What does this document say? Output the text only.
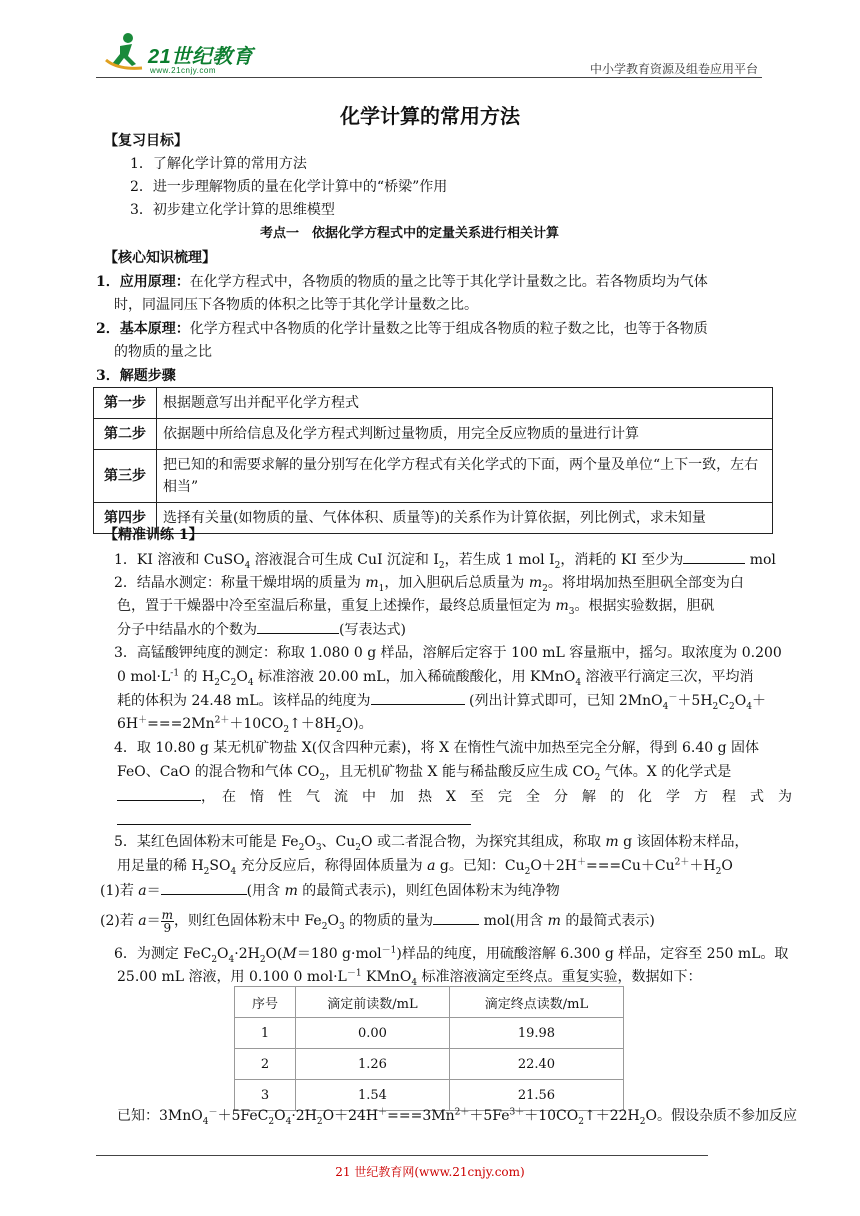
21世纪教育
www.21cnjy.com	中小学教育资源及组卷应用平台
化学计算的常用方法
【复习目标】
1．了解化学计算的常用方法
2．进一步理解物质的量在化学计算中的“桥梁”作用
3．初步建立化学计算的思维模型
考点一　依据化学方程式中的定量关系进行相关计算
【核心知识梳理】
1．应用原理：在化学方程式中，各物质的物质的量之比等于其化学计量数之比。若各物质均为气体
时，同温同压下各物质的体积之比等于其化学计量数之比。
2．基本原理：化学方程式中各物质的化学计量数之比等于组成各物质的粒子数之比，也等于各物质
的物质的量之比
3．解题步骤
第一步	根据题意写出并配平化学方程式
第二步	依据题中所给信息及化学方程式判断过量物质，用完全反应物质的量进行计算
第三步	把已知的和需要求解的量分别写在化学方程式有关化学式的下面，两个量及单位“上下一致，左右相当”
第四步	选择有关量(如物质的量、气体体积、质量等)的关系作为计算依据，列比例式，求未知量
【精准训练 1】
1．KI 溶液和 CuSO$_4$ 溶液混合可生成 CuI 沉淀和 $I_2$，若生成 1 mol $I_2$，消耗的 KI 至少为	mol
2．结晶水测定：称量干燥坩埚的质量为 $m_1$，加入胆矾后总质量为 $m_2$。将坩埚加热至胆矾全部变为白
色，置于干燥器中冷至室温后称量，重复上述操作，最终总质量恒定为 $m_3$。根据实验数据，胆矾
分子中结晶水的个数为	(写表达式)
3．高锰酸钾纯度的测定：称取 1.080 0 g 样品，溶解后定容于 100 mL 容量瓶中，摇匀。取浓度为 0.200
0 $mol\cdot L^{-1}$ 的 $H_2C_2O_4$ 标准溶液 20.00 mL，加入稀硫酸酸化，用 KMnO$_4$ 溶液平行滴定三次，平均消
耗的体积为 24.48 mL。该样品的纯度为	(列出计算式即可，已知 $2MnO_4^-+5H_2C_2O_4+$
$6H^+===2Mn^{2+}+10CO_2↑+8H_2O$)。
4．取 10.80 g 某无机矿物盐 X(仅含四种元素)，将 X 在惰性气流中加热至完全分解，得到 6.40 g 固体
FeO、CaO 的混合物和气体 $CO_2$，且无机矿物盐 X 能与稀盐酸反应生成 $CO_2$ 气体。X 的化学式是
，　在　惰　性　气　流　中　加　热　X　至　完　全　分　解　的　化　学　方　程　式　为
5．某红色固体粉末可能是 $Fe_2O_3$、$Cu_2O$ 或二者混合物，为探究其组成，称取 m g 该固体粉末样品，
用足量的稀 $H_2SO_4$ 充分反应后，称得固体质量为 a g。已知：$Cu_2O+2H^+===Cu+Cu^{2+}+H_2O$
(1)若 a＝	(用含 m 的最简式表示)，则红色固体粉末为纯净物
(2)若 $a= \frac{m}{9}$ ，则红色固体粉末中 $Fe_2O_3$ 的物质的量为	mol(用含 m 的最简式表示)
6．为测定 $FeC_2O_4\cdot 2H_2O(M=180$ g·mol$^{-1}$)样品的纯度，用硫酸溶解 6.300 g 样品，定容至 250 mL。取
25.00 mL 溶液，用 0.100 0 $mol\cdot L^{-1}$ KMnO$_4$ 标准溶液滴定至终点。重复实验，数据如下：
序号	滴定前读数/mL	滴定终点读数/mL
1	0.00	19.98
2	1.26	22.40
3	1.54	21.56
已知：$3MnO_4^-+5FeC_2O_4\cdot 2H_2O+24H^+===3Mn^{2+}+5Fe^{3+}+10CO_2↑+22H_2O$。假设杂质不参加反应
21 世纪教育网(www.21cnjy.com)
